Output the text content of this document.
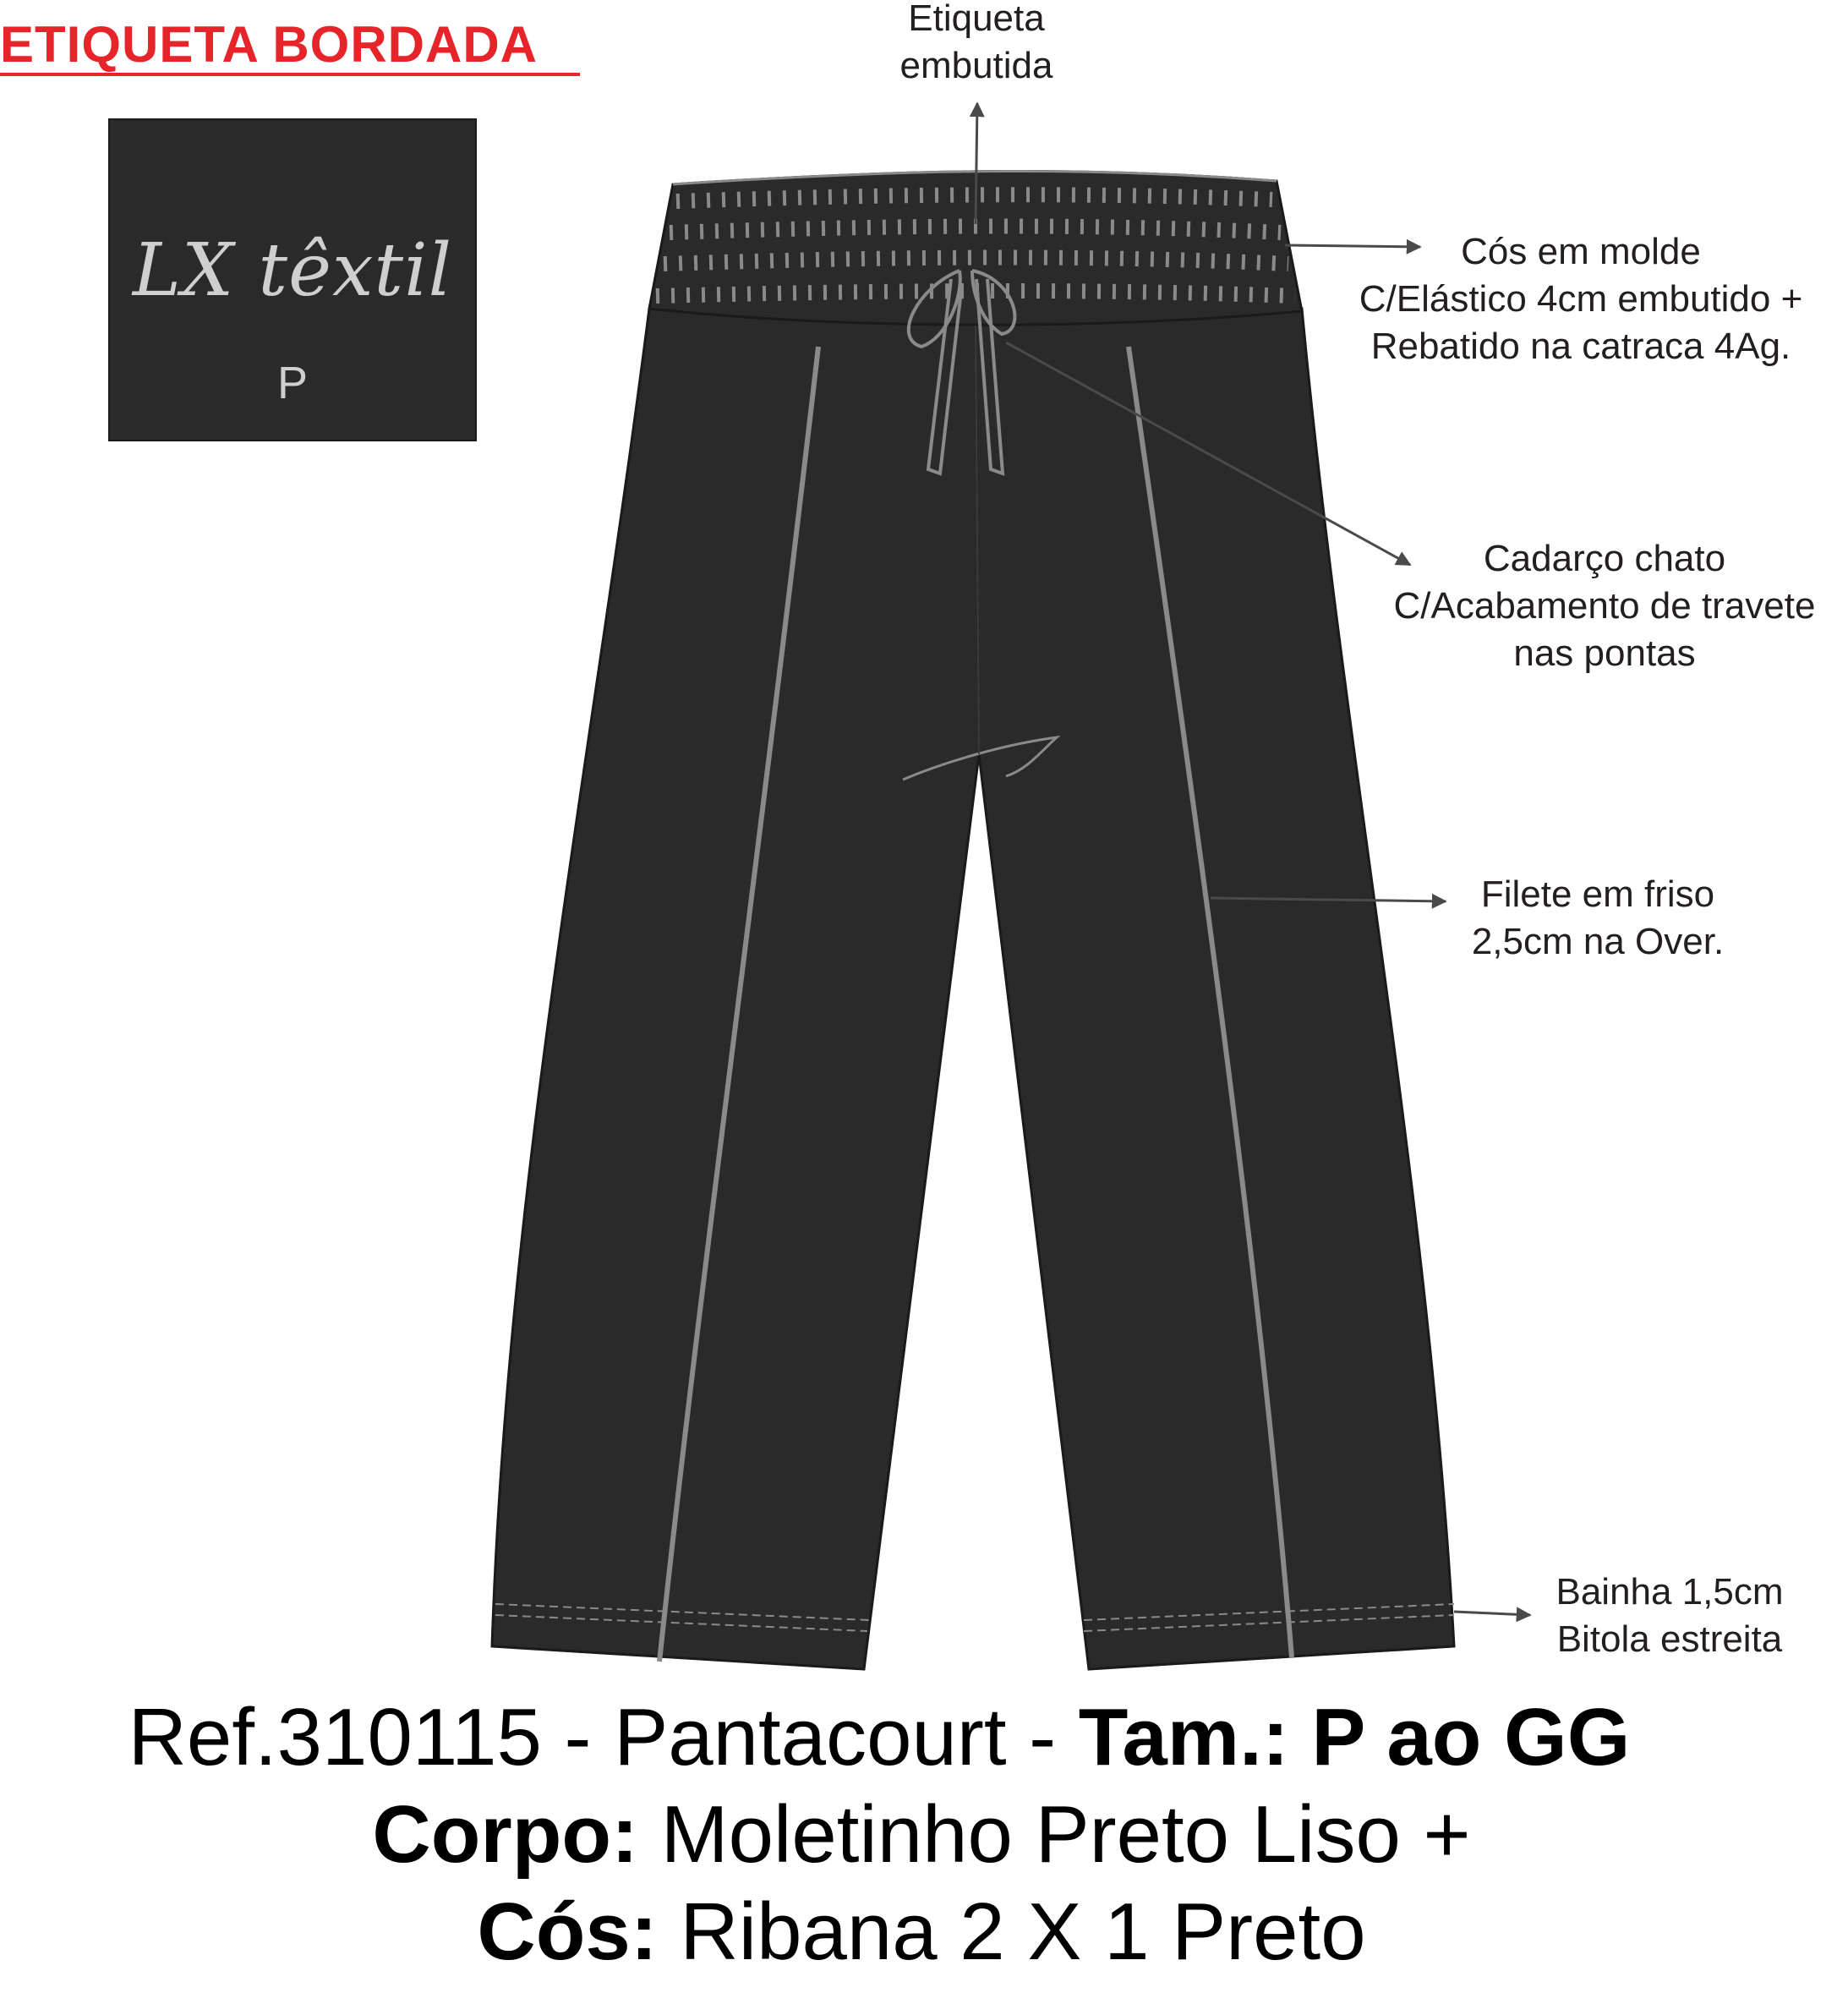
ETIQUETA BORDADA
LX têxtil
P
Etiqueta
embutida
Cós em molde
C/Elástico 4cm embutido +
Rebatido na catraca 4Ag.
Cadarço chato
C/Acabamento de travete
nas pontas
Filete em friso
2,5cm na Over.
Bainha 1,5cm
Bitola estreita
Ref.310115 - Pantacourt - Tam.: P ao GG
Corpo: Moletinho Preto Liso +
Cós: Ribana 2 X 1 Preto
